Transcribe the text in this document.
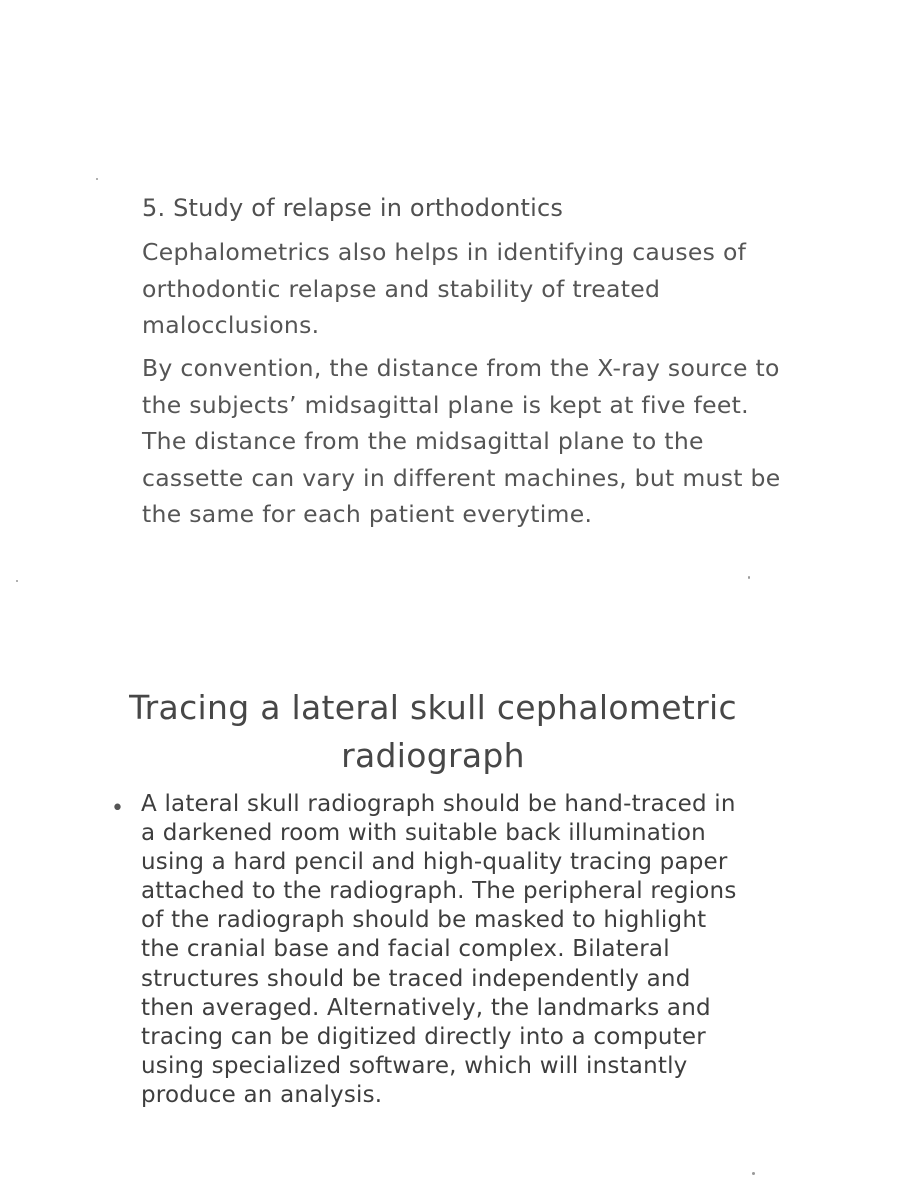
5. Study of relapse in orthodontics
Cephalometrics also helps in identifying causes of orthodontic relapse and stability of treated malocclusions.
By convention, the distance from the X-ray source to the subjects’ midsagittal plane is kept at five feet. The distance from the midsagittal plane to the cassette can vary in different machines, but must be the same for each patient everytime.
Tracing a lateral skull cephalometric radiograph
• A lateral skull radiograph should be hand-traced in a darkened room with suitable back illumination using a hard pencil and high-quality tracing paper attached to the radiograph. The peripheral regions of the radiograph should be masked to highlight the cranial base and facial complex. Bilateral structures should be traced independently and then averaged. Alternatively, the landmarks and tracing can be digitized directly into a computer using specialized software, which will instantly produce an analysis.
